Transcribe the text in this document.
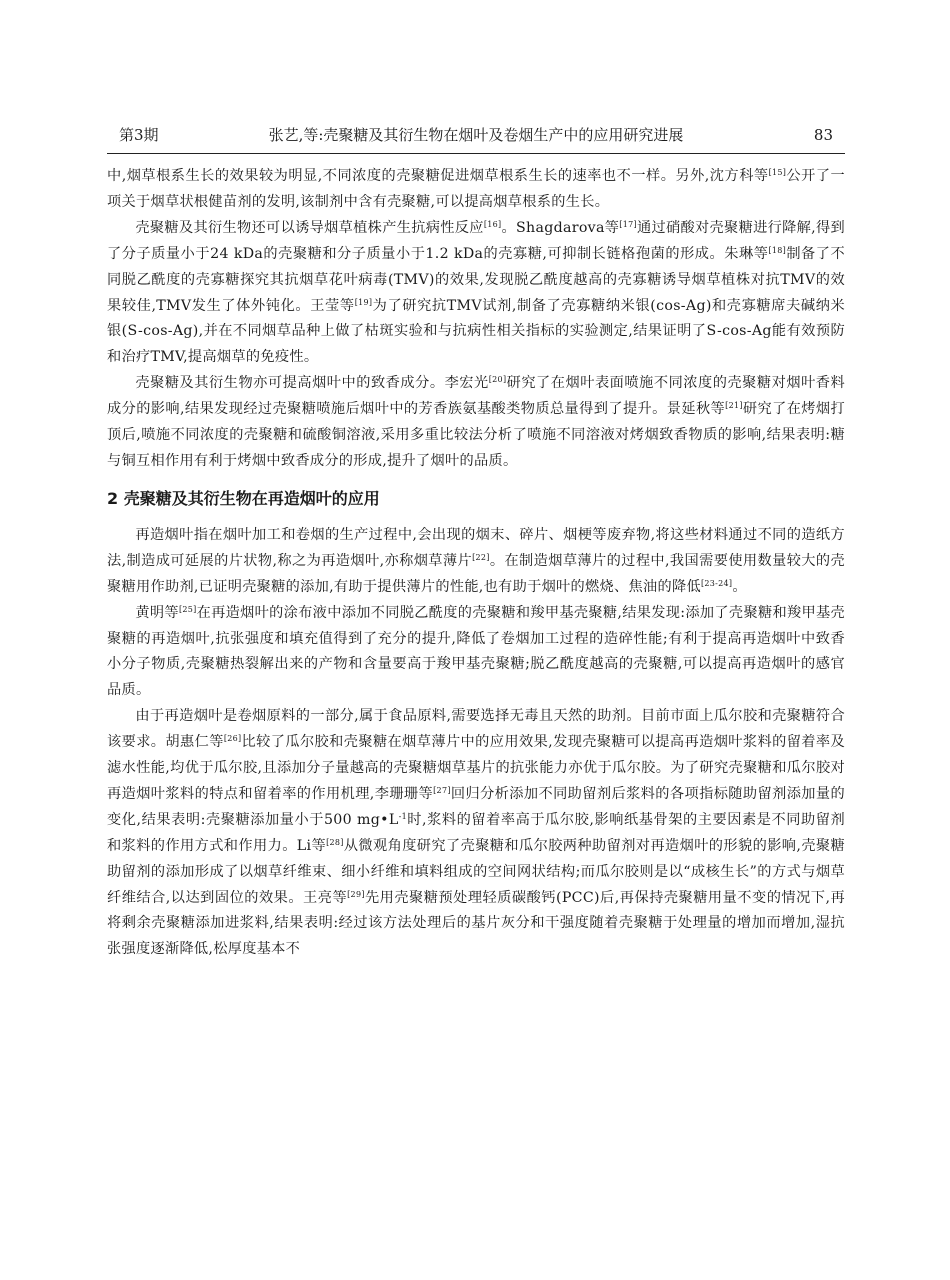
第3期	张艺,等:壳聚糖及其衍生物在烟叶及卷烟生产中的应用研究进展	83

中,烟草根系生长的效果较为明显,不同浓度的壳聚糖促进烟草根系生长的速率也不一样。另外,沈方科等[15]公开了一项关于烟草状根健苗剂的发明,该制剂中含有壳聚糖,可以提高烟草根系的生长。

壳聚糖及其衍生物还可以诱导烟草植株产生抗病性反应[16]。Shagdarova等[17]通过硝酸对壳聚糖进行降解,得到了分子质量小于24 kDa的壳聚糖和分子质量小于1.2 kDa的壳寡糖,可抑制长链格孢菌的形成。朱琳等[18]制备了不同脱乙酰度的壳寡糖探究其抗烟草花叶病毒(TMV)的效果,发现脱乙酰度越高的壳寡糖诱导烟草植株对抗TMV的效果较佳,TMV发生了体外钝化。王莹等[19]为了研究抗TMV试剂,制备了壳寡糖纳米银(cos-Ag)和壳寡糖席夫碱纳米银(S-cos-Ag),并在不同烟草品种上做了枯斑实验和与抗病性相关指标的实验测定,结果证明了S-cos-Ag能有效预防和治疗TMV,提高烟草的免疫性。

壳聚糖及其衍生物亦可提高烟叶中的致香成分。李宏光[20]研究了在烟叶表面喷施不同浓度的壳聚糖对烟叶香料成分的影响,结果发现经过壳聚糖喷施后烟叶中的芳香族氨基酸类物质总量得到了提升。景延秋等[21]研究了在烤烟打顶后,喷施不同浓度的壳聚糖和硫酸铜溶液,采用多重比较法分析了喷施不同溶液对烤烟致香物质的影响,结果表明:糖与铜互相作用有利于烤烟中致香成分的形成,提升了烟叶的品质。

2 壳聚糖及其衍生物在再造烟叶的应用

再造烟叶指在烟叶加工和卷烟的生产过程中,会出现的烟末、碎片、烟梗等废弃物,将这些材料通过不同的造纸方法,制造成可延展的片状物,称之为再造烟叶,亦称烟草薄片[22]。在制造烟草薄片的过程中,我国需要使用数量较大的壳聚糖用作助剂,已证明壳聚糖的添加,有助于提供薄片的性能,也有助于烟叶的燃烧、焦油的降低[23-24]。

黄明等[25]在再造烟叶的涂布液中添加不同脱乙酰度的壳聚糖和羧甲基壳聚糖,结果发现:添加了壳聚糖和羧甲基壳聚糖的再造烟叶,抗张强度和填充值得到了充分的提升,降低了卷烟加工过程的造碎性能;有利于提高再造烟叶中致香小分子物质,壳聚糖热裂解出来的产物和含量要高于羧甲基壳聚糖;脱乙酰度越高的壳聚糖,可以提高再造烟叶的感官品质。

由于再造烟叶是卷烟原料的一部分,属于食品原料,需要选择无毒且天然的助剂。目前市面上瓜尔胶和壳聚糖符合该要求。胡惠仁等[26]比较了瓜尔胶和壳聚糖在烟草薄片中的应用效果,发现壳聚糖可以提高再造烟叶浆料的留着率及滤水性能,均优于瓜尔胶,且添加分子量越高的壳聚糖烟草基片的抗张能力亦优于瓜尔胶。为了研究壳聚糖和瓜尔胶对再造烟叶浆料的特点和留着率的作用机理,李珊珊等[27]回归分析添加不同助留剂后浆料的各项指标随助留剂添加量的变化,结果表明:壳聚糖添加量小于500 $mg•L^{-1}$时,浆料的留着率高于瓜尔胶,影响纸基骨架的主要因素是不同助留剂和浆料的作用方式和作用力。Li等[28]从微观角度研究了壳聚糖和瓜尔胶两种助留剂对再造烟叶的形貌的影响,壳聚糖助留剂的添加形成了以烟草纤维束、细小纤维和填料组成的空间网状结构;而瓜尔胶则是以“成核生长”的方式与烟草纤维结合,以达到固位的效果。王亮等[29]先用壳聚糖预处理轻质碳酸钙(PCC)后,再保持壳聚糖用量不变的情况下,再将剩余壳聚糖添加进浆料,结果表明:经过该方法处理后的基片灰分和干强度随着壳聚糖于处理量的增加而增加,湿抗张强度逐渐降低,松厚度基本不
